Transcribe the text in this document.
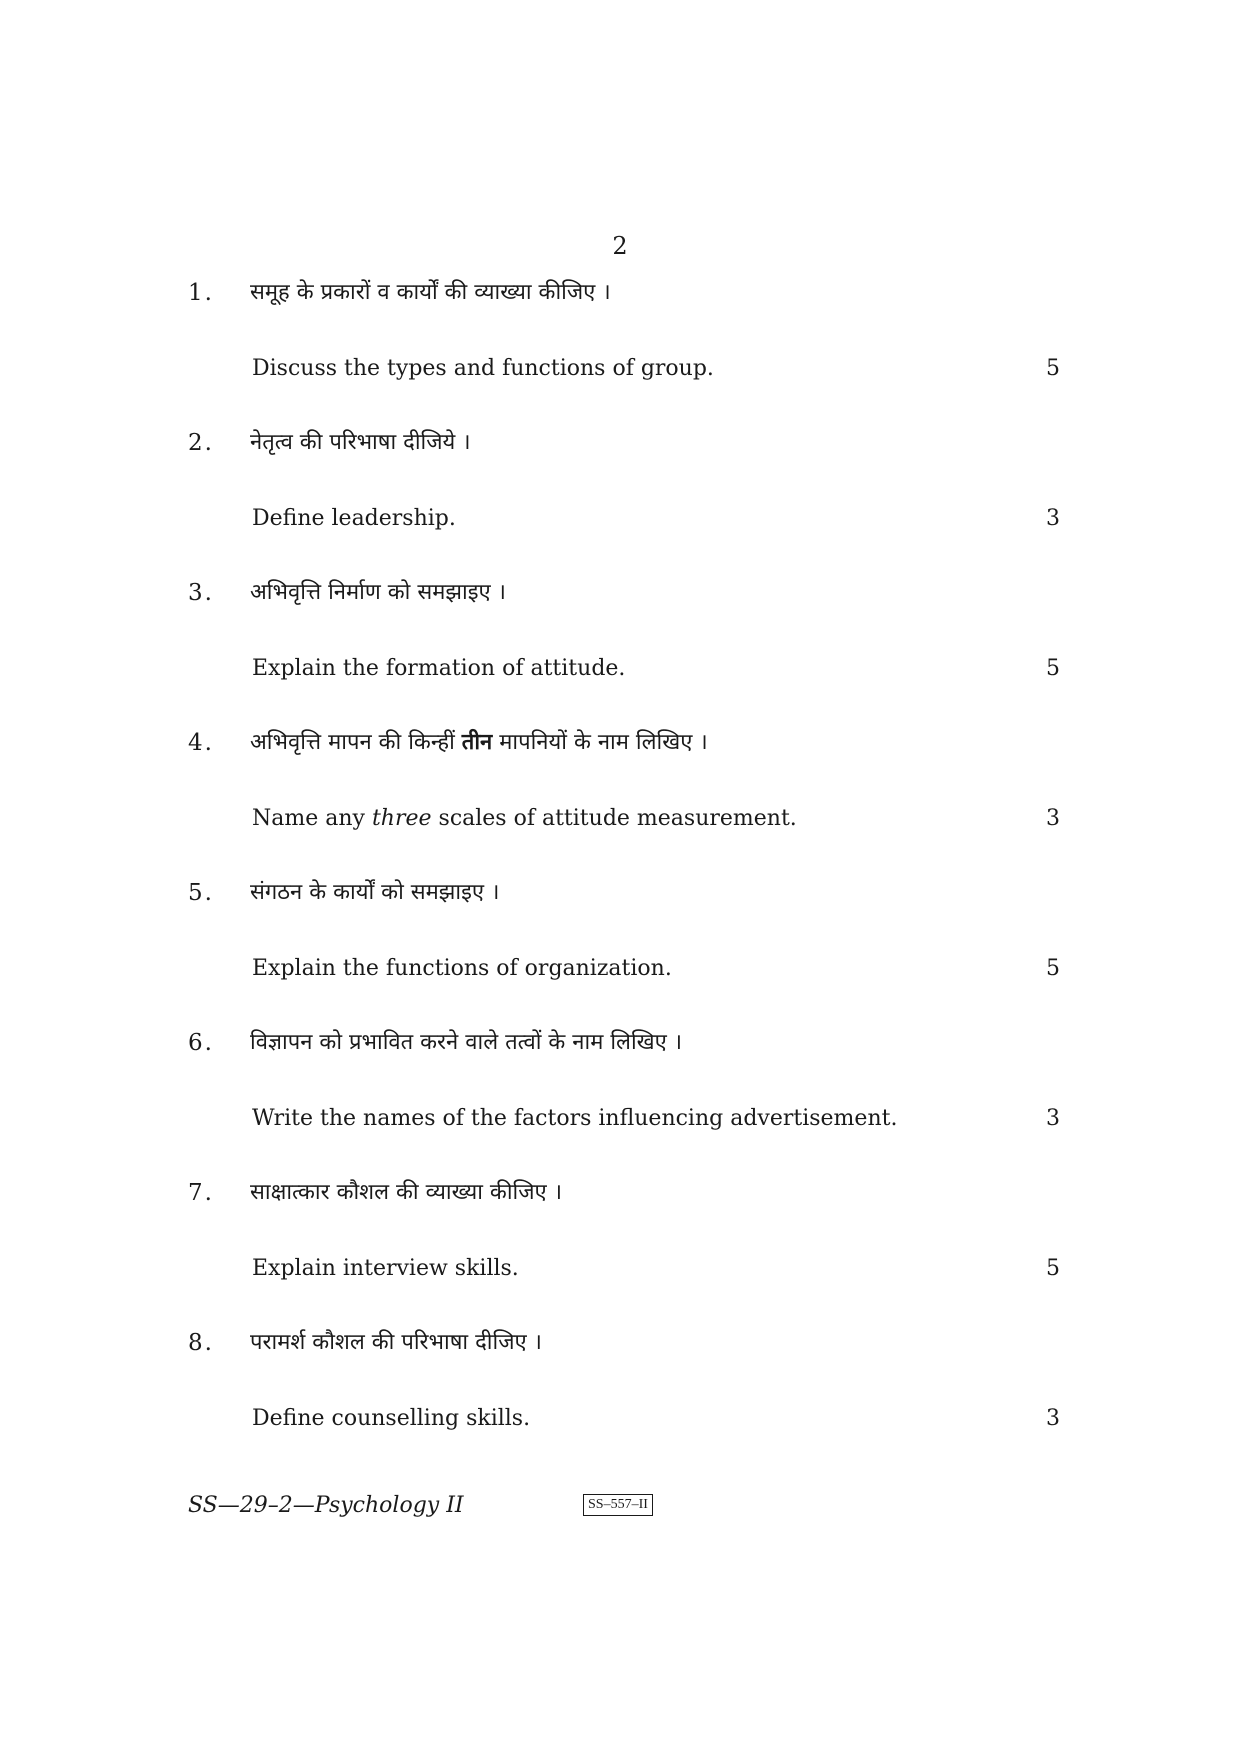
2
1. समूह के प्रकारों व कार्यों की व्याख्या कीजिए ।
Discuss the types and functions of group.	5
2. नेतृत्व की परिभाषा दीजिये ।
Define leadership.	3
3. अभिवृत्ति निर्माण को समझाइए ।
Explain the formation of attitude.	5
4. अभिवृत्ति मापन की किन्हीं तीन मापनियों के नाम लिखिए ।
Name any three scales of attitude measurement.	3
5. संगठन के कार्यों को समझाइए ।
Explain the functions of organization.	5
6. विज्ञापन को प्रभावित करने वाले तत्वों के नाम लिखिए ।
Write the names of the factors influencing advertisement.	3
7. साक्षात्कार कौशल की व्याख्या कीजिए ।
Explain interview skills.	5
8. परामर्श कौशल की परिभाषा दीजिए ।
Define counselling skills.	3
SS—29–2—Psychology II	SS–557–II
